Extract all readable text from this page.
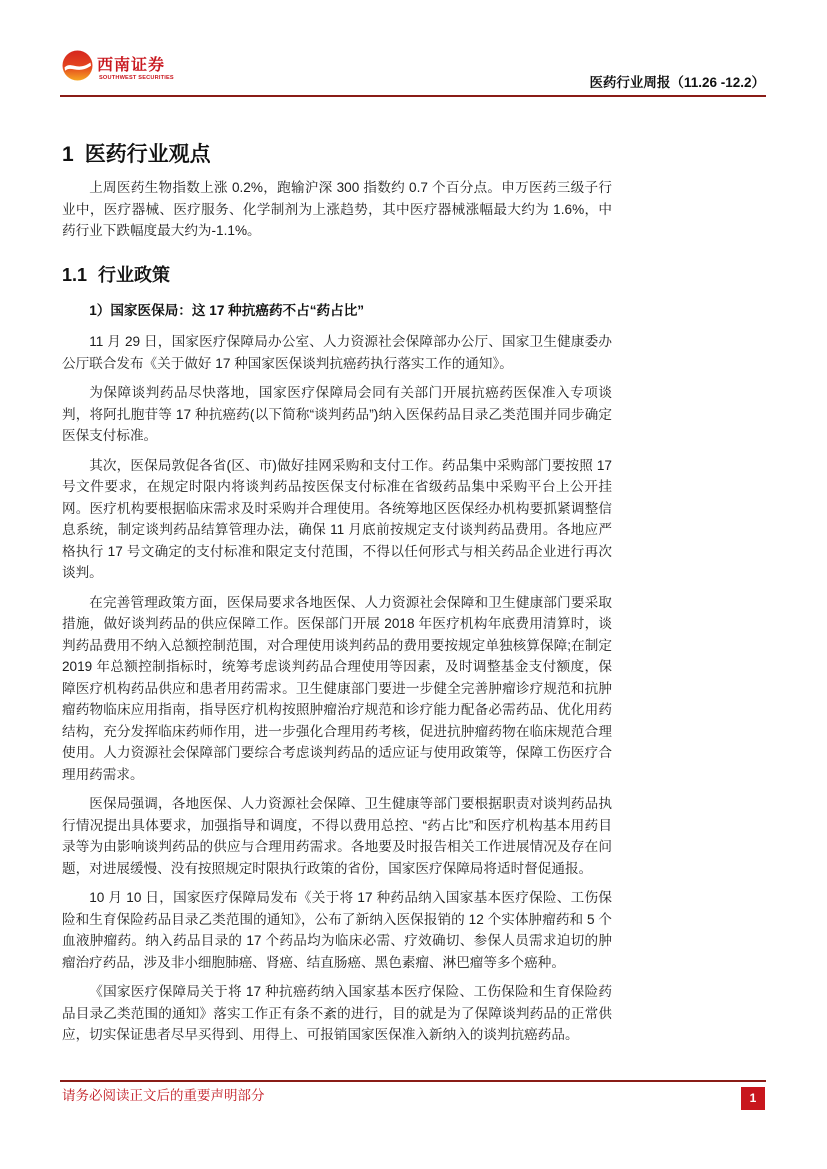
西南证券
SOUTHWEST SECURITIES	医药行业周报（11.26 -12.2）
1 医药行业观点

上周医药生物指数上涨 0.2%，跑输沪深 300 指数约 0.7 个百分点。申万医药三级子行业中，医疗器械、医疗服务、化学制剂为上涨趋势，其中医疗器械涨幅最大约为 1.6%，中药行业下跌幅度最大约为-1.1%。

1.1 行业政策
1）国家医保局：这 17 种抗癌药不占“药占比”

11 月 29 日，国家医疗保障局办公室、人力资源社会保障部办公厅、国家卫生健康委办公厅联合发布《关于做好 17 种国家医保谈判抗癌药执行落实工作的通知》。

为保障谈判药品尽快落地，国家医疗保障局会同有关部门开展抗癌药医保准入专项谈判，将阿扎胞苷等 17 种抗癌药(以下简称“谈判药品”)纳入医保药品目录乙类范围并同步确定医保支付标准。

其次，医保局敦促各省(区、市)做好挂网采购和支付工作。药品集中采购部门要按照 17 号文件要求，在规定时限内将谈判药品按医保支付标准在省级药品集中采购平台上公开挂网。医疗机构要根据临床需求及时采购并合理使用。各统筹地区医保经办机构要抓紧调整信息系统，制定谈判药品结算管理办法，确保 11 月底前按规定支付谈判药品费用。各地应严格执行 17 号文确定的支付标准和限定支付范围，不得以任何形式与相关药品企业进行再次谈判。

在完善管理政策方面，医保局要求各地医保、人力资源社会保障和卫生健康部门要采取措施，做好谈判药品的供应保障工作。医保部门开展 2018 年医疗机构年底费用清算时，谈判药品费用不纳入总额控制范围，对合理使用谈判药品的费用要按规定单独核算保障;在制定 2019 年总额控制指标时，统筹考虑谈判药品合理使用等因素，及时调整基金支付额度，保障医疗机构药品供应和患者用药需求。卫生健康部门要进一步健全完善肿瘤诊疗规范和抗肿瘤药物临床应用指南，指导医疗机构按照肿瘤治疗规范和诊疗能力配备必需药品、优化用药结构，充分发挥临床药师作用，进一步强化合理用药考核，促进抗肿瘤药物在临床规范合理使用。人力资源社会保障部门要综合考虑谈判药品的适应证与使用政策等，保障工伤医疗合理用药需求。

医保局强调，各地医保、人力资源社会保障、卫生健康等部门要根据职责对谈判药品执行情况提出具体要求，加强指导和调度，不得以费用总控、“药占比”和医疗机构基本用药目录等为由影响谈判药品的供应与合理用药需求。各地要及时报告相关工作进展情况及存在问题，对进展缓慢、没有按照规定时限执行政策的省份，国家医疗保障局将适时督促通报。

10 月 10 日，国家医疗保障局发布《关于将 17 种药品纳入国家基本医疗保险、工伤保险和生育保险药品目录乙类范围的通知》，公布了新纳入医保报销的 12 个实体肿瘤药和 5 个血液肿瘤药。纳入药品目录的 17 个药品均为临床必需、疗效确切、参保人员需求迫切的肿瘤治疗药品，涉及非小细胞肺癌、肾癌、结直肠癌、黑色素瘤、淋巴瘤等多个癌种。

《国家医疗保障局关于将 17 种抗癌药纳入国家基本医疗保险、工伤保险和生育保险药品目录乙类范围的通知》落实工作正有条不紊的进行，目的就是为了保障谈判药品的正常供应，切实保证患者尽早买得到、用得上、可报销国家医保准入新纳入的谈判抗癌药品。

请务必阅读正文后的重要声明部分	1
